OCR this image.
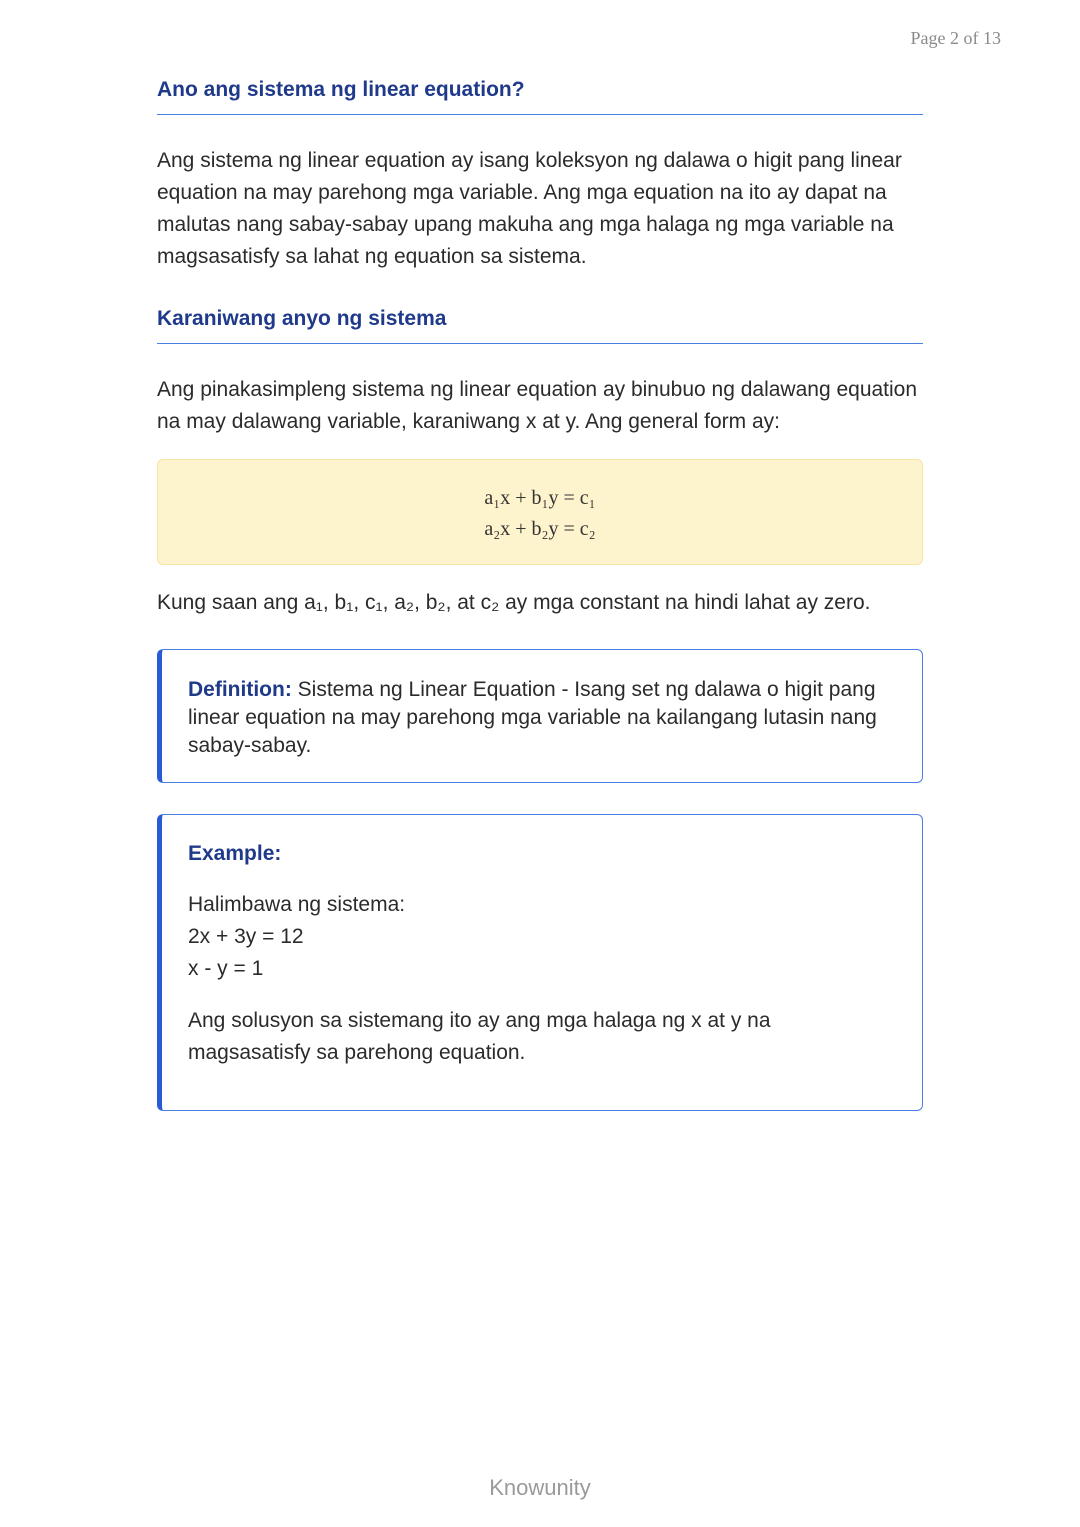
Page 2 of 13
Ano ang sistema ng linear equation?

Ang sistema ng linear equation ay isang koleksyon ng dalawa o higit pang linear equation na may parehong mga variable. Ang mga equation na ito ay dapat na malutas nang sabay-sabay upang makuha ang mga halaga ng mga variable na magsasatisfy sa lahat ng equation sa sistema.

Karaniwang anyo ng sistema

Ang pinakasimpleng sistema ng linear equation ay binubuo ng dalawang equation na may dalawang variable, karaniwang x at y. Ang general form ay:

a₁x + b₁y = c₁
a₂x + b₂y = c₂

Kung saan ang a₁, b₁, c₁, a₂, b₂, at c₂ ay mga constant na hindi lahat ay zero.

Definition: Sistema ng Linear Equation - Isang set ng dalawa o higit pang linear equation na may parehong mga variable na kailangang lutasin nang sabay-sabay.

Example:

Halimbawa ng sistema:
2x + 3y = 12
x - y = 1
Ang solusyon sa sistemang ito ay ang mga halaga ng x at y na magsasatisfy sa parehong equation.
Knowunity
